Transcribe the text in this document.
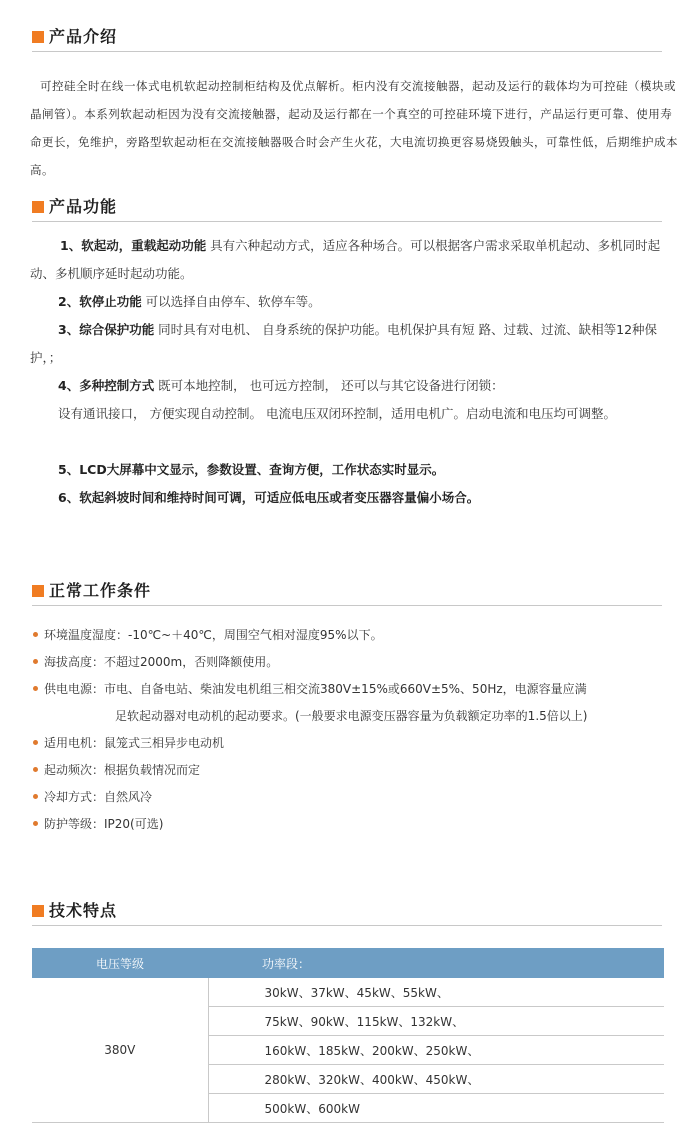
产品介绍

可控硅全时在线一体式电机软起动控制柜结构及优点解析。柜内没有交流接触器，起动及运行的载体均为可控硅（模块或晶闸管）。本系列软起动柜因为没有交流接触器，起动及运行都在一个真空的可控硅环境下进行，产品运行更可靠、使用寿命更长，免维护，旁路型软起动柜在交流接触器吸合时会产生火花，大电流切换更容易烧毁触头，可靠性低，后期维护成本高。

产品功能
1、软起动，重载起动功能 具有六种起动方式，适应各种场合。可以根据客户需求采取单机起动、多机同时起动、多机顺序延时起动功能。
2、软停止功能 可以选择自由停车、软停车等。
3、综合保护功能 同时具有对电机、 自身系统的保护功能。电机保护具有短 路、过载、过流、缺相等12种保护，；
4、多种控制方式 既可本地控制， 也可远方控制， 还可以与其它设备进行闭锁：
设有通讯接口， 方便实现自动控制。 电流电压双闭环控制，适用电机广。启动电流和电压均可调整。
5、LCD大屏幕中文显示，参数设置、查询方便，工作状态实时显示。
6、软起斜坡时间和维持时间可调，可适应低电压或者变压器容量偏小场合。
正常工作条件
环境温度湿度：-10℃~＋40℃，周围空气相对湿度95%以下。
海拔高度：不超过2000m，否则降额使用。
供电电源：市电、自备电站、柴油发电机组三相交流380V±15%或660V±5%、50Hz，电源容量应满
足软起动器对电动机的起动要求。(一般要求电源变压器容量为负载额定功率的1.5倍以上)
适用电机：鼠笼式三相异步电动机
起动频次：根据负载情况而定
冷却方式：自然风冷
防护等级：IP20(可选)
技术特点
电压等级	功率段：
380V	30kW、37kW、45kW、55kW、
	75kW、90kW、115kW、132kW、
	160kW、185kW、200kW、250kW、
	280kW、320kW、400kW、450kW、
	500kW、600kW
